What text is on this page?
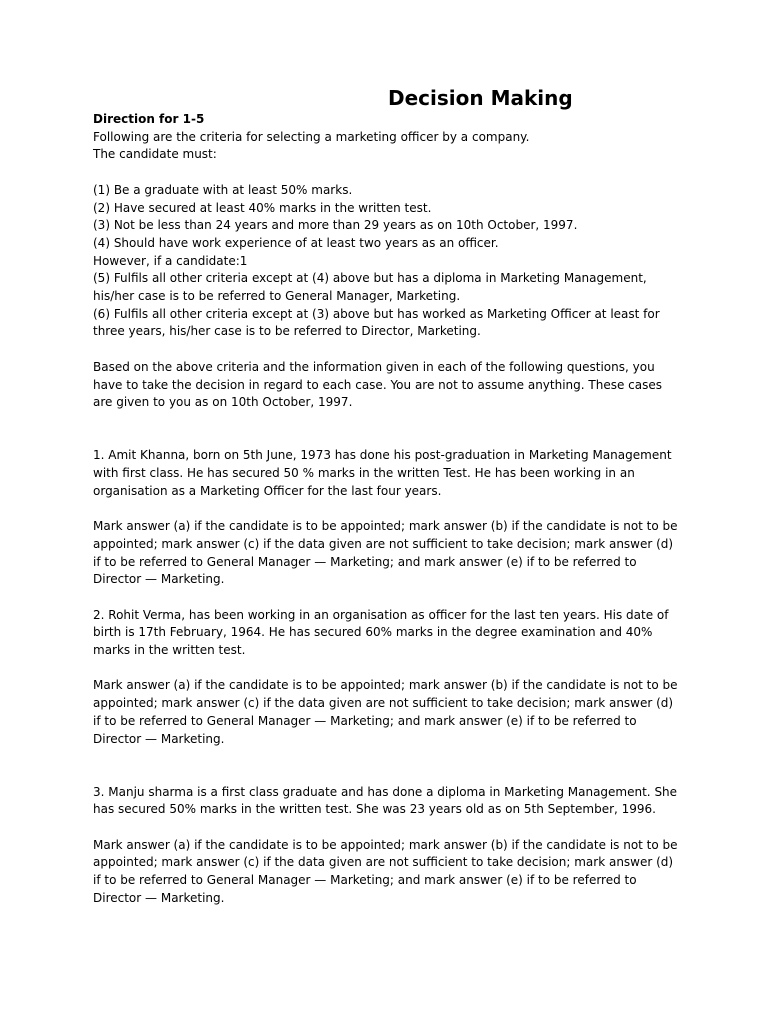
Decision Making

Direction for 1-5

Following are the criteria for selecting a marketing officer by a company.

The candidate must:

(1) Be a graduate with at least 50% marks.

(2) Have secured at least 40% marks in the written test.

(3) Not be less than 24 years and more than 29 years as on 10th October, 1997.

(4) Should have work experience of at least two years as an officer.

However, if a candidate:1

(5) Fulfils all other criteria except at (4) above but has a diploma in Marketing Management, his/her case is to be referred to General Manager, Marketing.

(6) Fulfils all other criteria except at (3) above but has worked as Marketing Officer at least for three years, his/her case is to be referred to Director, Marketing.

Based on the above criteria and the information given in each of the following questions, you have to take the decision in regard to each case. You are not to assume anything. These cases are given to you as on 10th October, 1997.

1. Amit Khanna, born on 5th June, 1973 has done his post-graduation in Marketing Management with first class. He has secured 50 % marks in the written Test. He has been working in an organisation as a Marketing Officer for the last four years.

Mark answer (a) if the candidate is to be appointed; mark answer (b) if the candidate is not to be appointed; mark answer (c) if the data given are not sufficient to take decision; mark answer (d) if to be referred to General Manager — Marketing; and mark answer (e) if to be referred to Director — Marketing.

2. Rohit Verma, has been working in an organisation as officer for the last ten years. His date of birth is 17th February, 1964. He has secured 60% marks in the degree examination and 40% marks in the written test.

Mark answer (a) if the candidate is to be appointed; mark answer (b) if the candidate is not to be appointed; mark answer (c) if the data given are not sufficient to take decision; mark answer (d) if to be referred to General Manager — Marketing; and mark answer (e) if to be referred to Director — Marketing.

3. Manju sharma is a first class graduate and has done a diploma in Marketing Management. She has secured 50% marks in the written test. She was 23 years old as on 5th September, 1996.

Mark answer (a) if the candidate is to be appointed; mark answer (b) if the candidate is not to be appointed; mark answer (c) if the data given are not sufficient to take decision; mark answer (d) if to be referred to General Manager — Marketing; and mark answer (e) if to be referred to Director — Marketing.
